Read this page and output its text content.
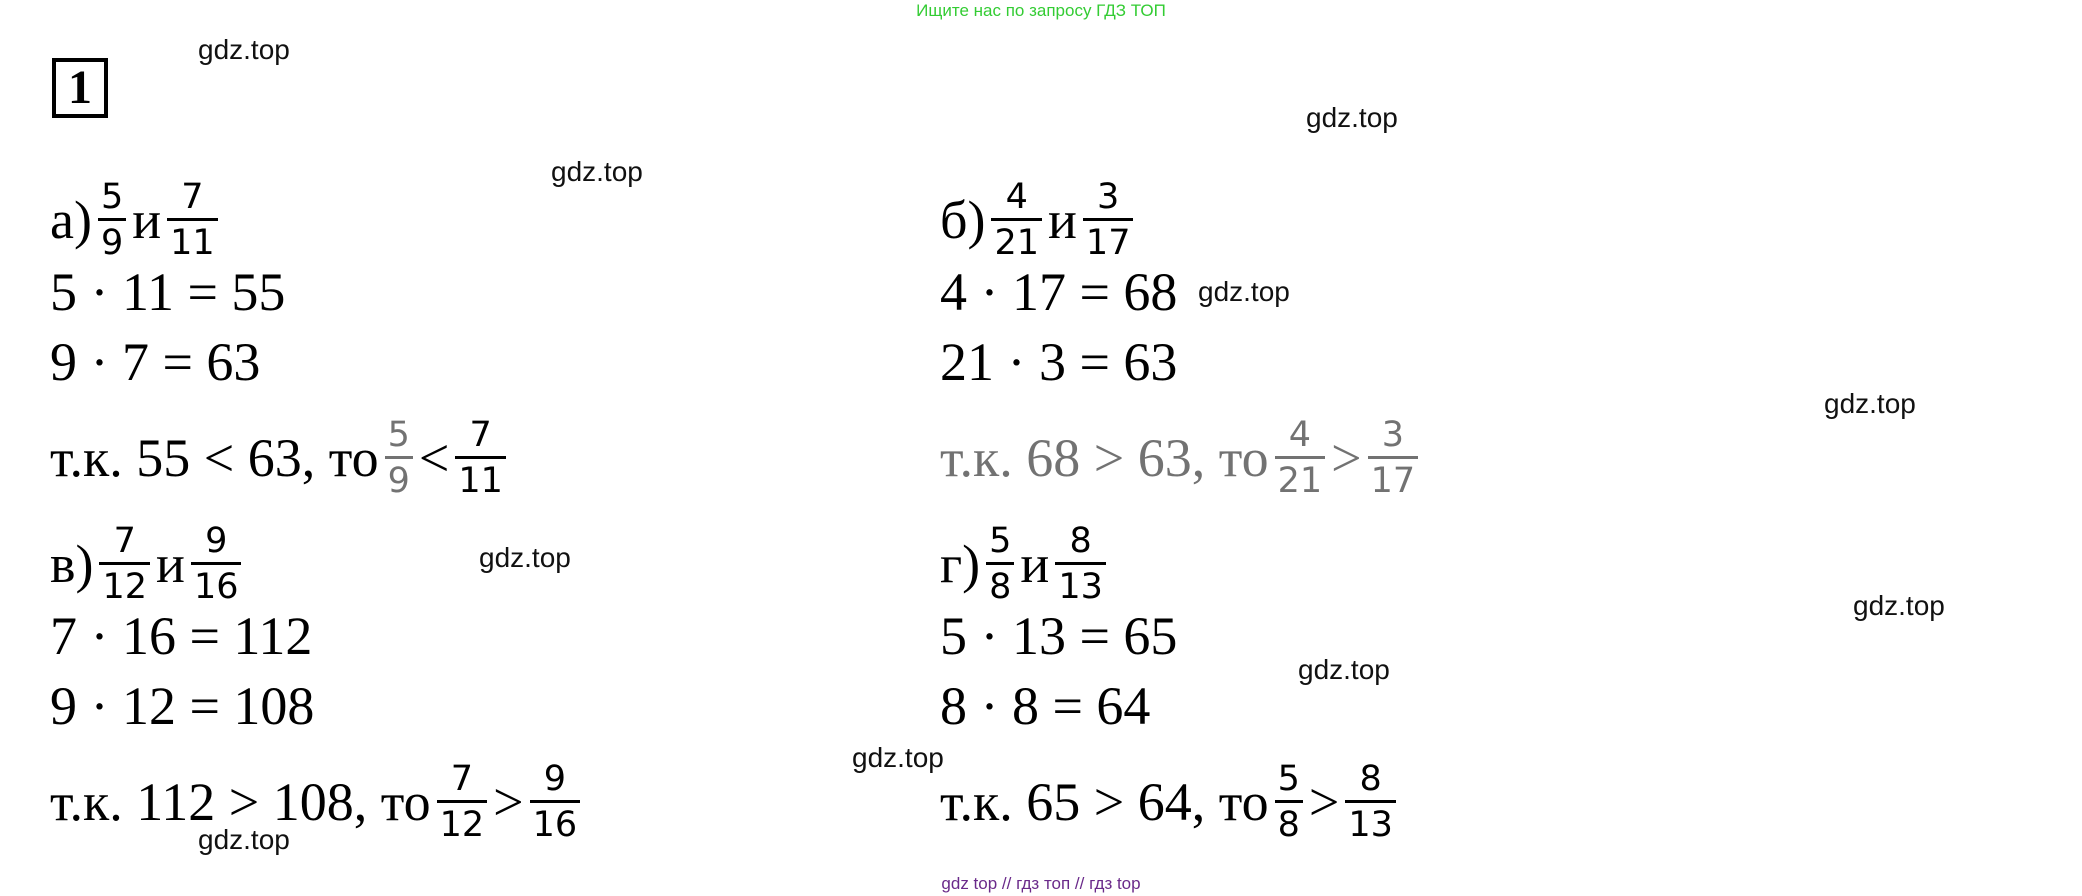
Ищите нас по запросу ГДЗ ТОП
1
gdz.top
gdz.top
gdz.top
gdz.top
gdz.top
gdz.top
gdz.top
gdz.top
gdz.top
gdz.top
$а) \frac{5}{9}$ и $\frac{7}{11}$
5 · 11 = 55
9 · 7 = 63
т.к. 55 < 63, то $\frac{5}{9} < \frac{7}{11}$
$б) \frac{4}{21}$ и $\frac{3}{17}$
4 · 17 = 68
21 · 3 = 63
т.к. 68 > 63, то $\frac{4}{21} > \frac{3}{17}$
$в) \frac{7}{12}$ и $\frac{9}{16}$
7 · 16 = 112
9 · 12 = 108
т.к. 112 > 108, то $\frac{7}{12} > \frac{9}{16}$
$г) \frac{5}{8}$ и $\frac{8}{13}$
5 · 13 = 65
8 · 8 = 64
т.к. 65 > 64, то $\frac{5}{8} > \frac{8}{13}$
gdz top // гдз топ // гдз top
